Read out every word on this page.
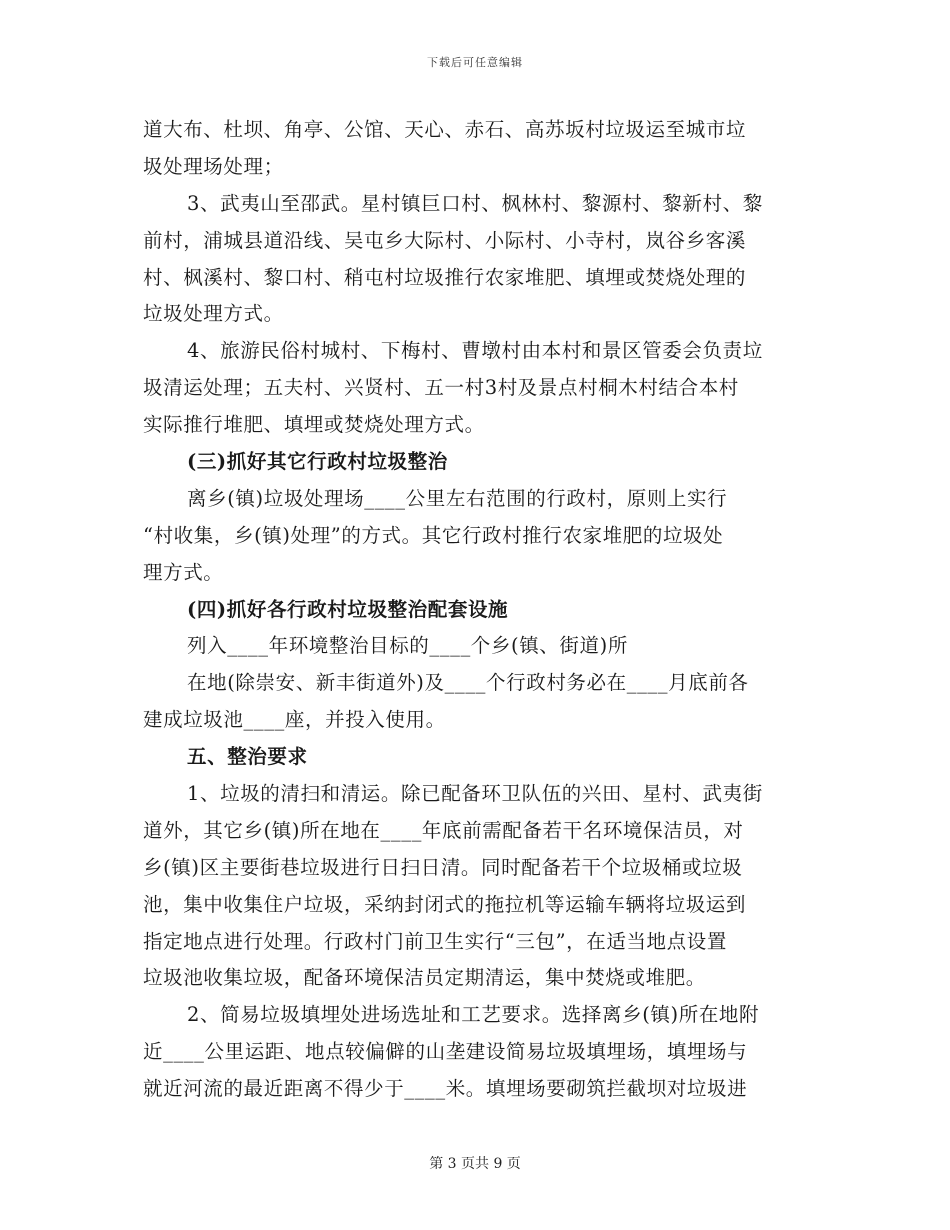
下载后可任意编辑
道大布、杜坝、角亭、公馆、天心、赤石、高苏坂村垃圾运至城市垃
圾处理场处理；
3、武夷山至邵武。星村镇巨口村、枫林村、黎源村、黎新村、黎
前村，浦城县道沿线、吴屯乡大际村、小际村、小寺村，岚谷乡客溪
村、枫溪村、黎口村、稍屯村垃圾推行农家堆肥、填埋或焚烧处理的
垃圾处理方式。
4、旅游民俗村城村、下梅村、曹墩村由本村和景区管委会负责垃
圾清运处理；五夫村、兴贤村、五一村3村及景点村桐木村结合本村
实际推行堆肥、填埋或焚烧处理方式。
(三)抓好其它行政村垃圾整治
离乡(镇)垃圾处理场____公里左右范围的行政村，原则上实行
“村收集，乡(镇)处理”的方式。其它行政村推行农家堆肥的垃圾处
理方式。
(四)抓好各行政村垃圾整治配套设施
列入____年环境整治目标的____个乡(镇、街道)所
在地(除崇安、新丰街道外)及____个行政村务必在____月底前各
建成垃圾池____座，并投入使用。
五、整治要求
1、垃圾的清扫和清运。除已配备环卫队伍的兴田、星村、武夷街
道外，其它乡(镇)所在地在____年底前需配备若干名环境保洁员，对
乡(镇)区主要街巷垃圾进行日扫日清。同时配备若干个垃圾桶或垃圾
池，集中收集住户垃圾，采纳封闭式的拖拉机等运输车辆将垃圾运到
指定地点进行处理。行政村门前卫生实行“三包”，在适当地点设置
垃圾池收集垃圾，配备环境保洁员定期清运，集中焚烧或堆肥。
2、简易垃圾填埋处进场选址和工艺要求。选择离乡(镇)所在地附
近____公里运距、地点较偏僻的山垄建设简易垃圾填埋场，填埋场与
就近河流的最近距离不得少于____米。填埋场要砌筑拦截坝对垃圾进
第 3 页共 9 页
